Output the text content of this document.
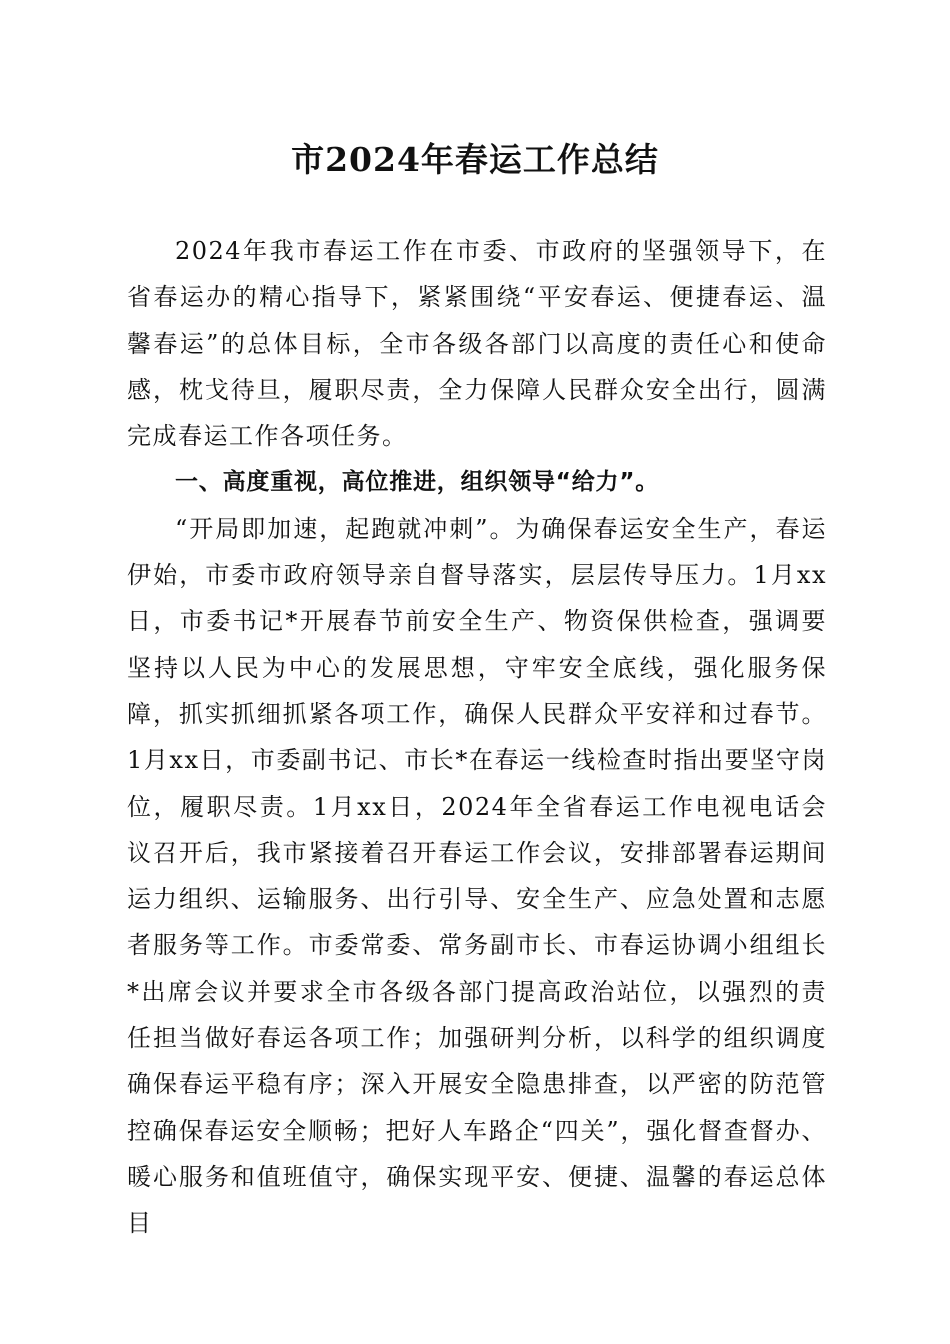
市2024年春运工作总结

2024年我市春运工作在市委、市政府的坚强领导下，在省春运办的精心指导下，紧紧围绕“平安春运、便捷春运、温馨春运”的总体目标，全市各级各部门以高度的责任心和使命感，枕戈待旦，履职尽责，全力保障人民群众安全出行，圆满完成春运工作各项任务。

一、高度重视，高位推进，组织领导“给力”。

“开局即加速，起跑就冲刺”。为确保春运安全生产，春运伊始，市委市政府领导亲自督导落实，层层传导压力。1月xx日，市委书记*开展春节前安全生产、物资保供检查，强调要坚持以人民为中心的发展思想，守牢安全底线，强化服务保障，抓实抓细抓紧各项工作，确保人民群众平安祥和过春节。1月xx日，市委副书记、市长*在春运一线检查时指出要坚守岗位，履职尽责。1月xx日，2024年全省春运工作电视电话会议召开后，我市紧接着召开春运工作会议，安排部署春运期间运力组织、运输服务、出行引导、安全生产、应急处置和志愿者服务等工作。市委常委、常务副市长、市春运协调小组组长*出席会议并要求全市各级各部门提高政治站位，以强烈的责任担当做好春运各项工作；加强研判分析，以科学的组织调度确保春运平稳有序；深入开展安全隐患排查，以严密的防范管控确保春运安全顺畅；把好人车路企“四关”，强化督查督办、暖心服务和值班值守，确保实现平安、便捷、温馨的春运总体目
